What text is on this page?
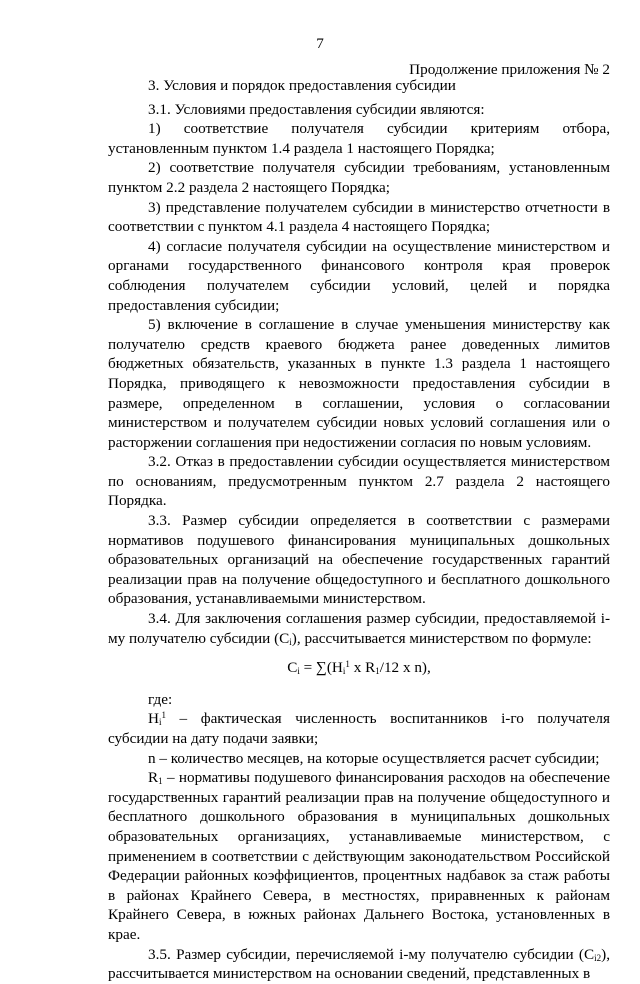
7
Продолжение приложения № 2

3. Условия и порядок предоставления субсидии

3.1. Условиями предоставления субсидии являются:

1) соответствие получателя субсидии критериям отбора, установленным пунктом 1.4 раздела 1 настоящего Порядка;

2) соответствие получателя субсидии требованиям, установленным пунктом 2.2 раздела 2 настоящего Порядка;

3) представление получателем субсидии в министерство отчетности в соответствии с пунктом 4.1 раздела 4 настоящего Порядка;

4) согласие получателя субсидии на осуществление министерством и органами государственного финансового контроля края проверок соблюдения получателем субсидии условий, целей и порядка предоставления субсидии;

5) включение в соглашение в случае уменьшения министерству как получателю средств краевого бюджета ранее доведенных лимитов бюджетных обязательств, указанных в пункте 1.3 раздела 1 настоящего Порядка, приводящего к невозможности предоставления субсидии в размере, определенном в соглашении, условия о согласовании министерством и получателем субсидии новых условий соглашения или о расторжении соглашения при недостижении согласия по новым условиям.

3.2. Отказ в предоставлении субсидии осуществляется министерством по основаниям, предусмотренным пунктом 2.7 раздела 2 настоящего Порядка.

3.3. Размер субсидии определяется в соответствии с размерами нормативов подушевого финансирования муниципальных дошкольных образовательных организаций на обеспечение государственных гарантий реализации прав на получение общедоступного и бесплатного дошкольного образования, устанавливаемыми министерством.

3.4. Для заключения соглашения размер субсидии, предоставляемой i-му получателю субсидии $(C_i)$, рассчитывается министерством по формуле:

$C_i = \sum(H_i^1$ x $R_1/12$ x n),

где:

$H_i^1$ – фактическая численность воспитанников i-го получателя субсидии на дату подачи заявки;

n – количество месяцев, на которые осуществляется расчет субсидии;

$R_1$ – нормативы подушевого финансирования расходов на обеспечение государственных гарантий реализации прав на получение общедоступного и бесплатного дошкольного образования в муниципальных дошкольных образовательных организациях, устанавливаемые министерством, с применением в соответствии с действующим законодательством Российской Федерации районных коэффициентов, процентных надбавок за стаж работы в районах Крайнего Севера, в местностях, приравненных к районам Крайнего Севера, в южных районах Дальнего Востока, установленных в крае.

3.5. Размер субсидии, перечисляемой i-му получателю субсидии $(C_{i2})$, рассчитывается министерством на основании сведений, представленных в
